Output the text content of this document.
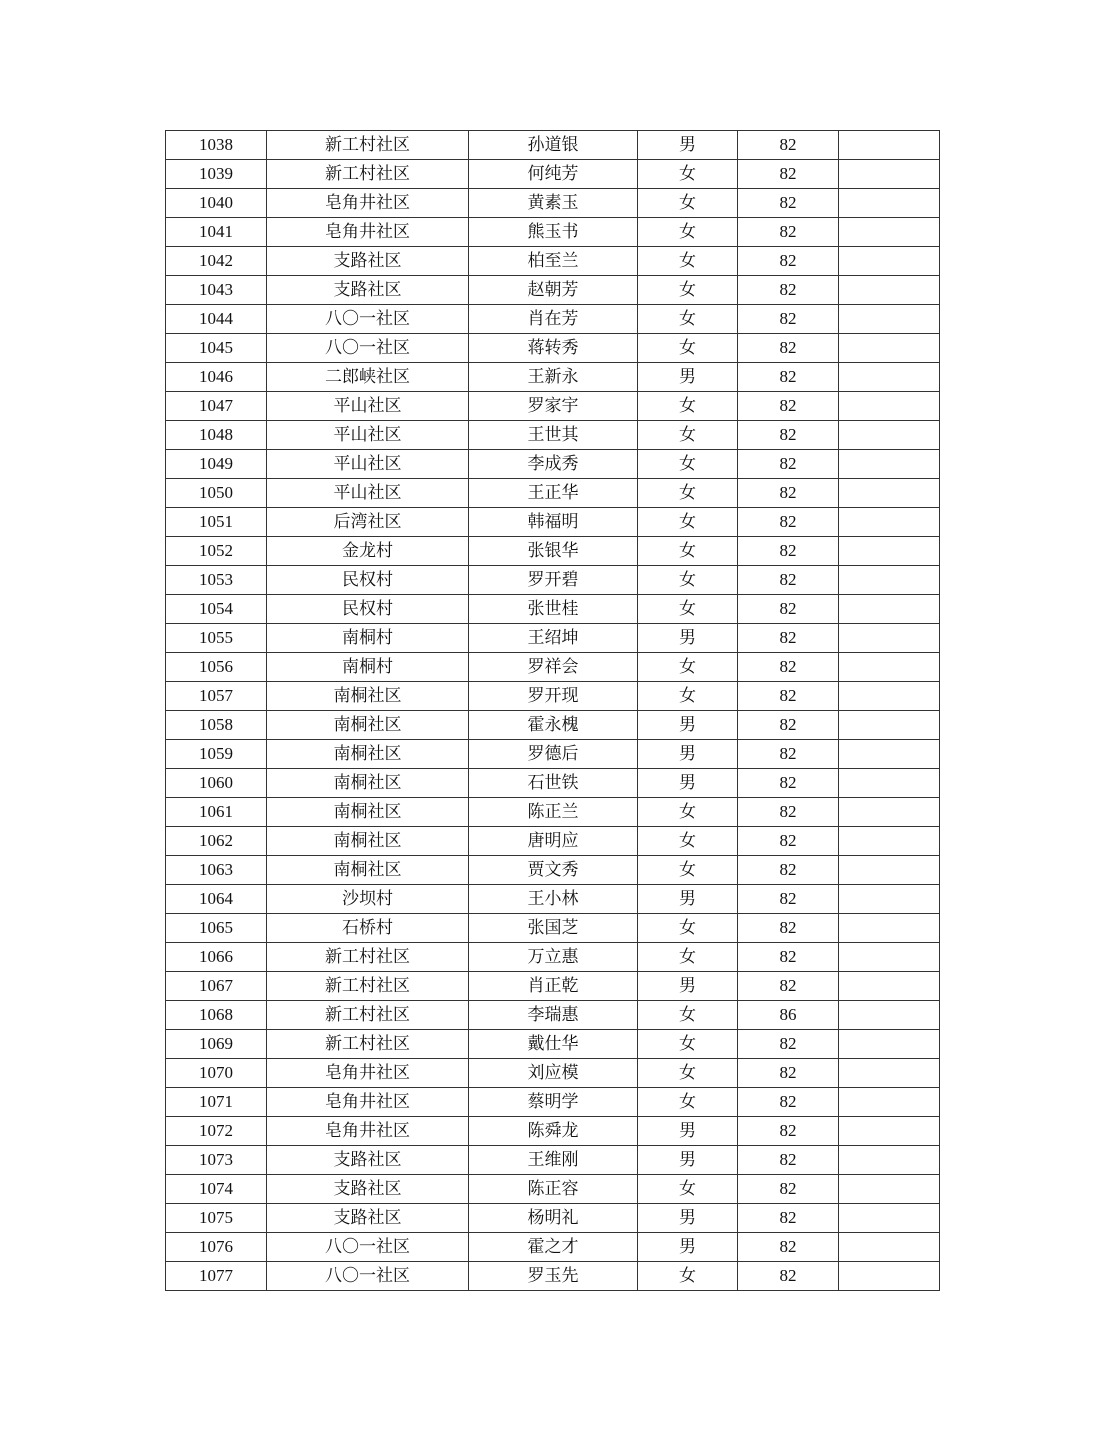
1038	新工村社区	孙道银	男	82	
1039	新工村社区	何纯芳	女	82	
1040	皂角井社区	黄素玉	女	82	
1041	皂角井社区	熊玉书	女	82	
1042	支路社区	柏至兰	女	82	
1043	支路社区	赵朝芳	女	82	
1044	八〇一社区	肖在芳	女	82	
1045	八〇一社区	蒋转秀	女	82	
1046	二郎峡社区	王新永	男	82	
1047	平山社区	罗家宇	女	82	
1048	平山社区	王世其	女	82	
1049	平山社区	李成秀	女	82	
1050	平山社区	王正华	女	82	
1051	后湾社区	韩福明	女	82	
1052	金龙村	张银华	女	82	
1053	民权村	罗开碧	女	82	
1054	民权村	张世桂	女	82	
1055	南桐村	王绍坤	男	82	
1056	南桐村	罗祥会	女	82	
1057	南桐社区	罗开现	女	82	
1058	南桐社区	霍永槐	男	82	
1059	南桐社区	罗德后	男	82	
1060	南桐社区	石世铁	男	82	
1061	南桐社区	陈正兰	女	82	
1062	南桐社区	唐明应	女	82	
1063	南桐社区	贾文秀	女	82	
1064	沙坝村	王小林	男	82	
1065	石桥村	张国芝	女	82	
1066	新工村社区	万立惠	女	82	
1067	新工村社区	肖正乾	男	82	
1068	新工村社区	李瑞惠	女	86	
1069	新工村社区	戴仕华	女	82	
1070	皂角井社区	刘应模	女	82	
1071	皂角井社区	蔡明学	女	82	
1072	皂角井社区	陈舜龙	男	82	
1073	支路社区	王维刚	男	82	
1074	支路社区	陈正容	女	82	
1075	支路社区	杨明礼	男	82	
1076	八〇一社区	霍之才	男	82	
1077	八〇一社区	罗玉先	女	82	
